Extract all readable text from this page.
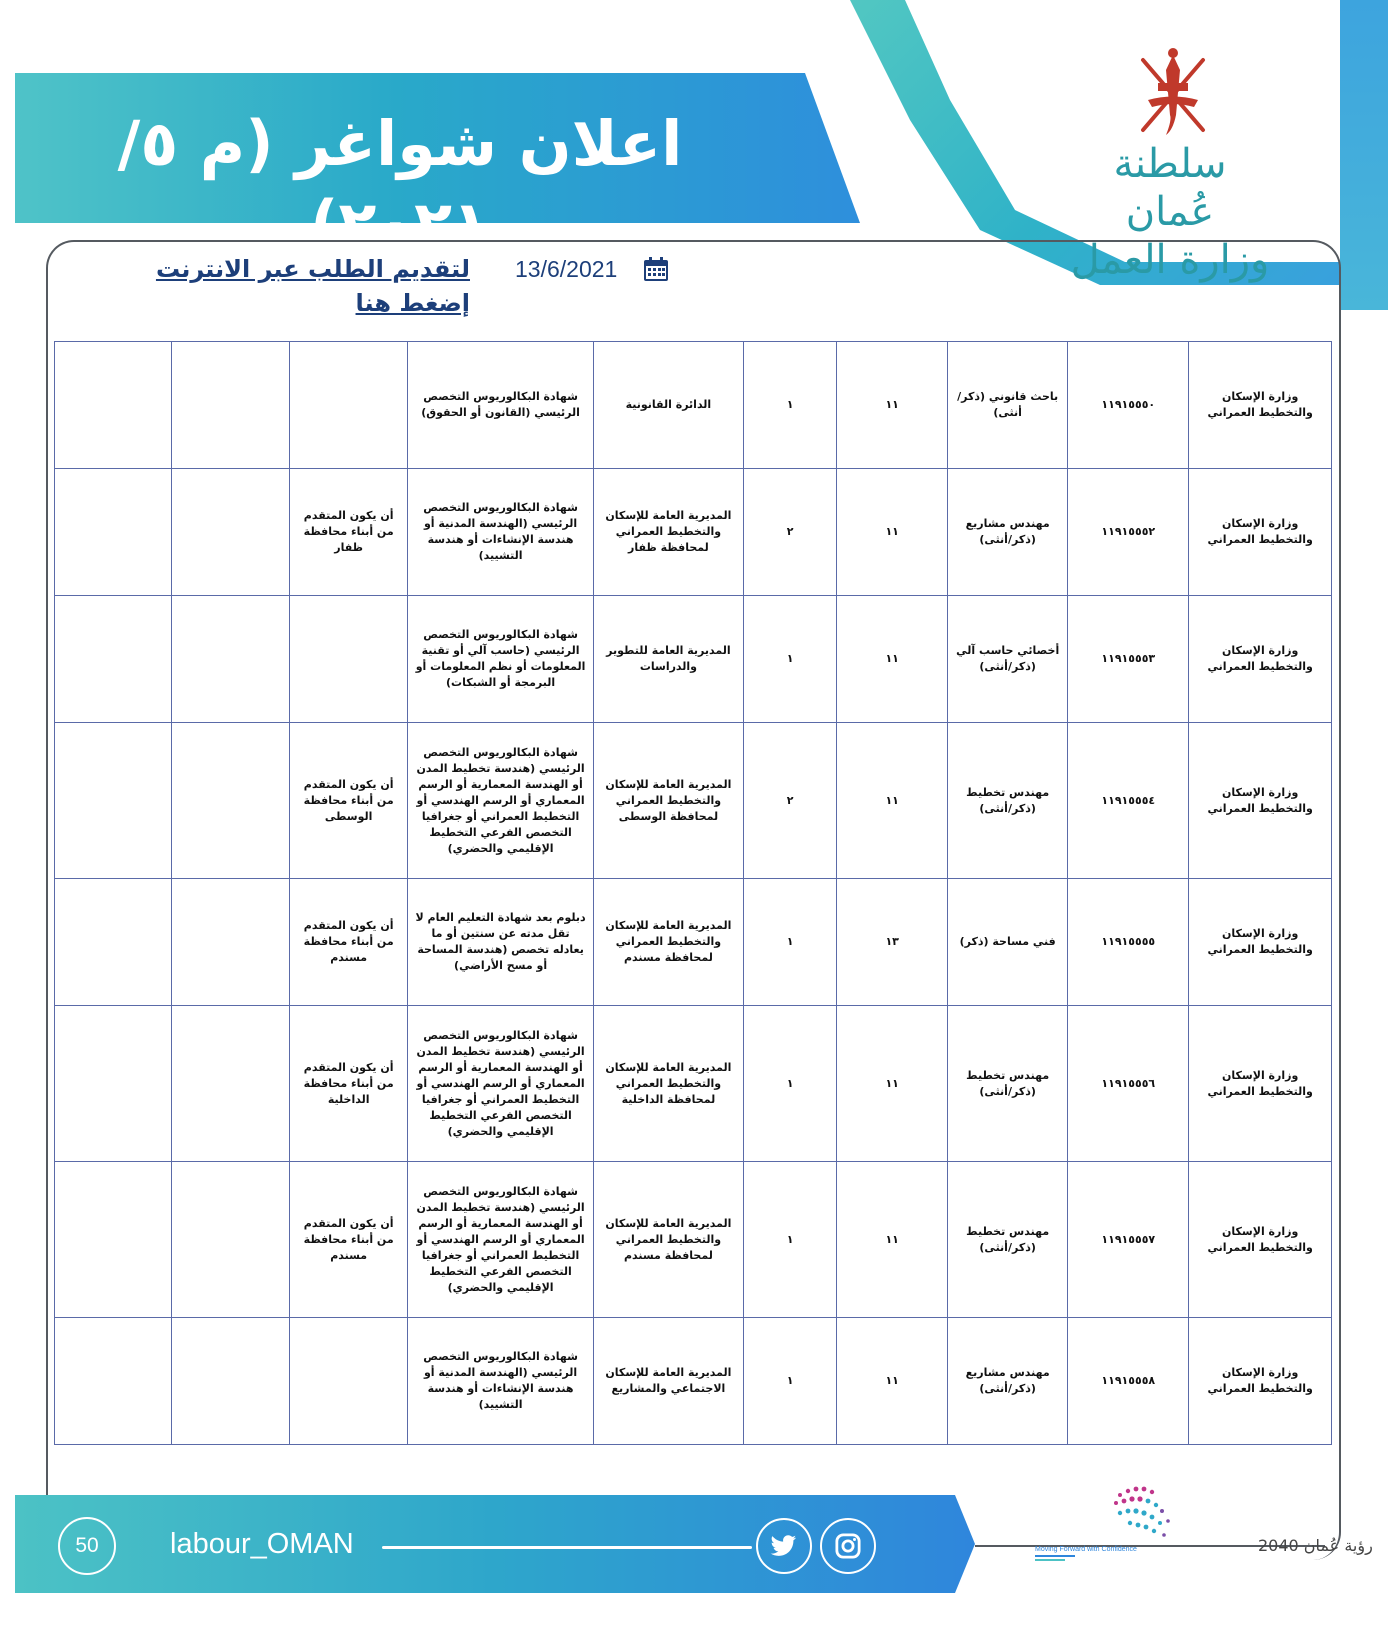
سلطنة عُمان
وزارة العمل
اعلان شواغر (م ٥/ ٢٠٢١)
لتقديم الطلب عبر الانترنت إضغط هنا
13/6/2021
وزارة الإسكان والتخطيط العمراني	١١٩١٥٥٥٠	باحث قانوني (ذكر/أنثى)	١١	١	الدائرة القانونية	شهادة البكالوريوس التخصص الرئيسي (القانون أو الحقوق)			
وزارة الإسكان والتخطيط العمراني	١١٩١٥٥٥٢	مهندس مشاريع (ذكر/أنثى)	١١	٢	المديرية العامة للإسكان والتخطيط العمراني لمحافظة ظفار	شهادة البكالوريوس التخصص الرئيسي (الهندسة المدنية أو هندسة الإنشاءات أو هندسة التشييد)	أن يكون المتقدم من أبناء محافظة ظفار		
وزارة الإسكان والتخطيط العمراني	١١٩١٥٥٥٣	أخصائي حاسب آلي (ذكر/أنثى)	١١	١	المديرية العامة للتطوير والدراسات	شهادة البكالوريوس التخصص الرئيسي (حاسب آلي أو تقنية المعلومات أو نظم المعلومات أو البرمجة أو الشبكات)			
وزارة الإسكان والتخطيط العمراني	١١٩١٥٥٥٤	مهندس تخطيط (ذكر/أنثى)	١١	٢	المديرية العامة للإسكان والتخطيط العمراني لمحافظة الوسطى	شهادة البكالوريوس التخصص الرئيسي (هندسة تخطيط المدن أو الهندسة المعمارية أو الرسم المعماري أو الرسم الهندسي أو التخطيط العمراني أو جغرافيا التخصص الفرعي التخطيط الإقليمي والحضري)	أن يكون المتقدم من أبناء محافظة الوسطى		
وزارة الإسكان والتخطيط العمراني	١١٩١٥٥٥٥	فني مساحة (ذكر)	١٣	١	المديرية العامة للإسكان والتخطيط العمراني لمحافظة مسندم	دبلوم بعد شهادة التعليم العام لا تقل مدته عن سنتين أو ما يعادله تخصص (هندسة المساحة أو مسح الأراضي)	أن يكون المتقدم من أبناء محافظة مسندم		
وزارة الإسكان والتخطيط العمراني	١١٩١٥٥٥٦	مهندس تخطيط (ذكر/أنثى)	١١	١	المديرية العامة للإسكان والتخطيط العمراني لمحافظة الداخلية	شهادة البكالوريوس التخصص الرئيسي (هندسة تخطيط المدن أو الهندسة المعمارية أو الرسم المعماري أو الرسم الهندسي أو التخطيط العمراني أو جغرافيا التخصص الفرعي التخطيط الإقليمي والحضري)	أن يكون المتقدم من أبناء محافظة الداخلية		
وزارة الإسكان والتخطيط العمراني	١١٩١٥٥٥٧	مهندس تخطيط (ذكر/أنثى)	١١	١	المديرية العامة للإسكان والتخطيط العمراني لمحافظة مسندم	شهادة البكالوريوس التخصص الرئيسي (هندسة تخطيط المدن أو الهندسة المعمارية أو الرسم المعماري أو الرسم الهندسي أو التخطيط العمراني أو جغرافيا التخصص الفرعي التخطيط الإقليمي والحضري)	أن يكون المتقدم من أبناء محافظة مسندم		
وزارة الإسكان والتخطيط العمراني	١١٩١٥٥٥٨	مهندس مشاريع (ذكر/أنثى)	١١	١	المديرية العامة للإسكان الاجتماعي والمشاريع	شهادة البكالوريوس التخصص الرئيسي (الهندسة المدنية أو هندسة الإنشاءات أو هندسة التشييد)			
50	labour_OMAN	رؤية عُمان 2040
Moving Forward with Confidence
